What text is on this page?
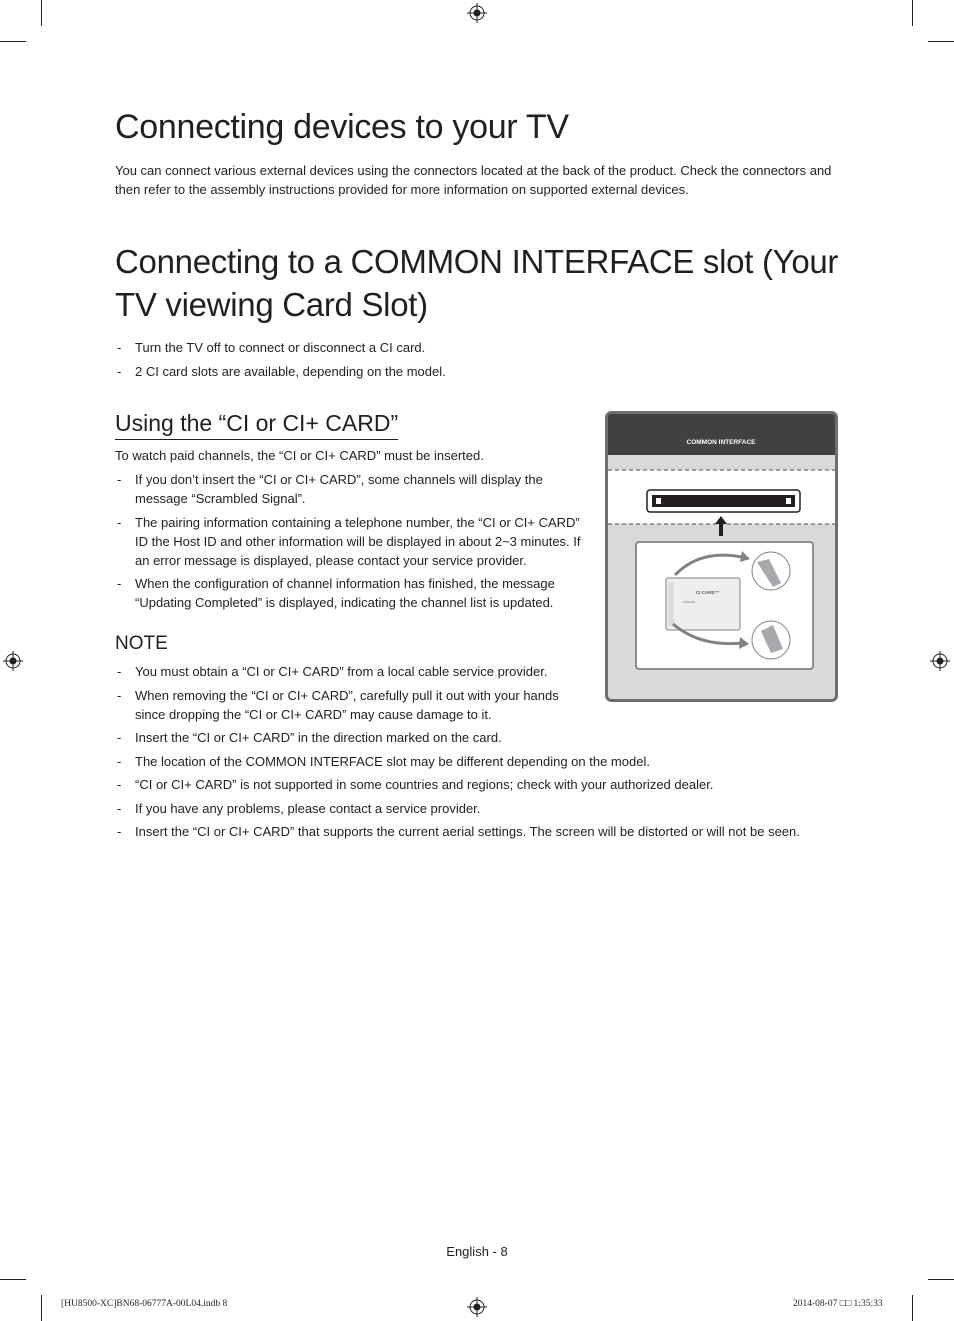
Connecting devices to your TV

You can connect various external devices using the connectors located at the back of the product. Check the connectors and then refer to the assembly instructions provided for more information on supported external devices.

Connecting to a COMMON INTERFACE slot (Your TV viewing Card Slot)
- Turn the TV off to connect or disconnect a CI card.
- 2 CI card slots are available, depending on the model.
Using the “CI or CI+ CARD”

To watch paid channels, the “CI or CI+ CARD” must be inserted.

- If you don’t insert the “CI or CI+ CARD”, some channels will display the message “Scrambled Signal”.
- The pairing information containing a telephone number, the “CI or CI+ CARD” ID the Host ID and other information will be displayed in about 2~3 minutes. If an error message is displayed, please contact your service provider.
- When the configuration of channel information has finished, the message “Updating Completed” is displayed, indicating the channel list is updated.
NOTE
- You must obtain a “CI or CI+ CARD” from a local cable service provider.
- When removing the “CI or CI+ CARD”, carefully pull it out with your hands since dropping the “CI or CI+ CARD” may cause damage to it.
- Insert the “CI or CI+ CARD” in the direction marked on the card.
- The location of the COMMON INTERFACE slot may be different depending on the model.
- “CI or CI+ CARD” is not supported in some countries and regions; check with your authorized dealer.
- If you have any problems, please contact a service provider.
- Insert the “CI or CI+ CARD” that supports the current aerial settings. The screen will be distorted or will not be seen.
COMMON INTERFACE
CI CARD™
English - 8
[HU8500-XC]BN68-06777A-00L04.indb 8	2014-08-07 □□ 1:35:33
